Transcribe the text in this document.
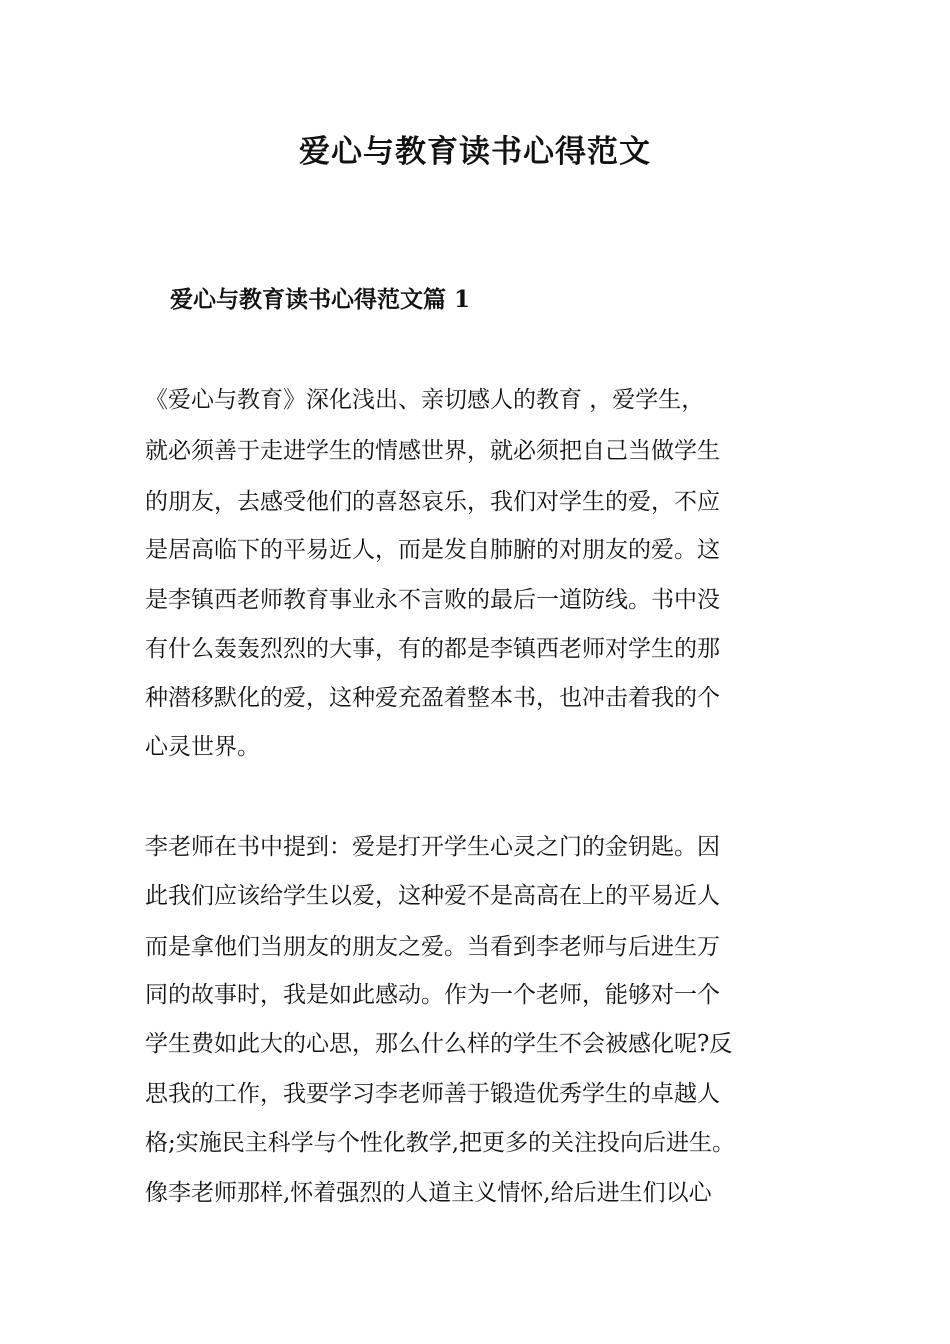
爱心与教育读书心得范文
爱心与教育读书心得范文篇 1

《爱心与教育》深化浅出、亲切感人的教育 ，爱学生，

就必须善于走进学生的情感世界，就必须把自己当做学生

的朋友，去感受他们的喜怒哀乐，我们对学生的爱，不应

是居高临下的平易近人，而是发自肺腑的对朋友的爱。这

是李镇西老师教育事业永不言败的最后一道防线。书中没

有什么轰轰烈烈的大事，有的都是李镇西老师对学生的那

种潜移默化的爱，这种爱充盈着整本书，也冲击着我的个

心灵世界。

李老师在书中提到：爱是打开学生心灵之门的金钥匙。因

此我们应该给学生以爱，这种爱不是高高在上的平易近人

而是拿他们当朋友的朋友之爱。当看到李老师与后进生万

同的故事时，我是如此感动。作为一个老师，能够对一个

学生费如此大的心思，那么什么样的学生不会被感化呢?反

思我的工作，我要学习李老师善于锻造优秀学生的卓越人

格;实施民主科学与个性化教学,把更多的关注投向后进生。

像李老师那样,怀着强烈的人道主义情怀,给后进生们以心
